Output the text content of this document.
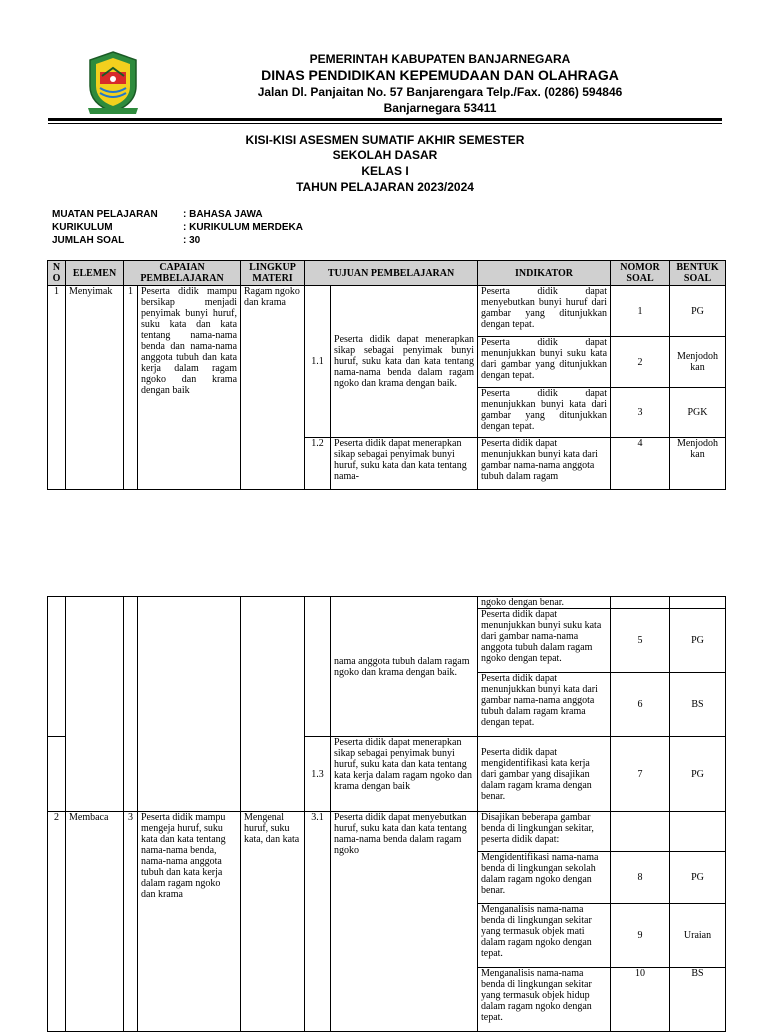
PEMERINTAH KABUPATEN BANJARNEGARA
DINAS PENDIDIKAN KEPEMUDAAN DAN OLAHRAGA
Jalan Dl. Panjaitan No. 57 Banjarengara Telp./Fax. (0286) 594846
Banjarnegara 53411
KISI-KISI ASESMEN SUMATIF AKHIR SEMESTER
SEKOLAH DASAR
KELAS I
TAHUN PELAJARAN 2023/2024
MUATAN PELAJARAN	: BAHASA JAWA
KURIKULUM	: KURIKULUM MERDEKA
JUMLAH SOAL	: 30
N O	ELEMEN	CAPAIAN PEMBELAJARAN		LINGKUP MATERI	TUJUAN PEMBELAJARAN		INDIKATOR	NOMOR SOAL	BENTUK SOAL
1	Menyimak	1	Peserta didik mampu bersikap menjadi penyimak bunyi huruf, suku kata dan kata tentang nama-nama benda dan nama-nama anggota tubuh dan kata kerja dalam ragam ngoko dan krama dengan baik	Ragam ngoko dan krama	1.1	Peserta didik dapat menerapkan sikap sebagai penyimak bunyi huruf, suku kata dan kata tentang nama-nama benda dalam ragam ngoko dan krama dengan baik.	Peserta didik dapat menyebutkan bunyi huruf dari gambar yang ditunjukkan dengan tepat.	1	PG
							Peserta didik dapat menunjukkan bunyi suku kata dari gambar yang ditunjukkan dengan tepat.	2	Menjodoh kan
							Peserta didik dapat menunjukkan bunyi kata dari gambar yang ditunjukkan dengan tepat.	3	PGK
					1.2	Peserta didik dapat menerapkan sikap sebagai penyimak bunyi huruf, suku kata dan kata tentang nama-	Peserta didik dapat menunjukkan bunyi kata dari gambar nama-nama anggota tubuh dalam ragam	4	Menjodoh kan
						nama anggota tubuh dalam ragam ngoko dan krama dengan baik.	ngoko dengan benar.		
							Peserta didik dapat menunjukkan bunyi suku kata dari gambar nama-nama anggota tubuh dalam ragam ngoko dengan tepat.	5	PG
							Peserta didik dapat menunjukkan bunyi kata dari gambar nama-nama anggota tubuh dalam ragam krama dengan tepat.	6	BS
					1.3	Peserta didik dapat menerapkan sikap sebagai penyimak bunyi huruf, suku kata dan kata tentang kata kerja dalam ragam ngoko dan krama dengan baik	Peserta didik dapat mengidentifikasi kata kerja dari gambar yang disajikan dalam ragam krama dengan benar.	7	PG
2	Membaca	3	Peserta didik mampu mengeja huruf, suku kata dan kata tentang nama-nama benda, nama-nama anggota tubuh dan kata kerja dalam ragam ngoko dan krama	Mengenal huruf, suku kata, dan kata	3.1	Peserta didik dapat menyebutkan huruf, suku kata dan kata tentang nama-nama benda dalam ragam ngoko	Disajikan beberapa gambar benda di lingkungan sekitar, peserta didik dapat:		
							Mengidentifikasi nama-nama benda di lingkungan sekolah dalam ragam ngoko dengan benar.	8	PG
							Menganalisis nama-nama benda di lingkungan sekitar yang termasuk objek mati dalam ragam ngoko dengan tepat.	9	Uraian
							Menganalisis nama-nama benda di lingkungan sekitar yang termasuk objek hidup dalam ragam ngoko dengan tepat.	10	BS
